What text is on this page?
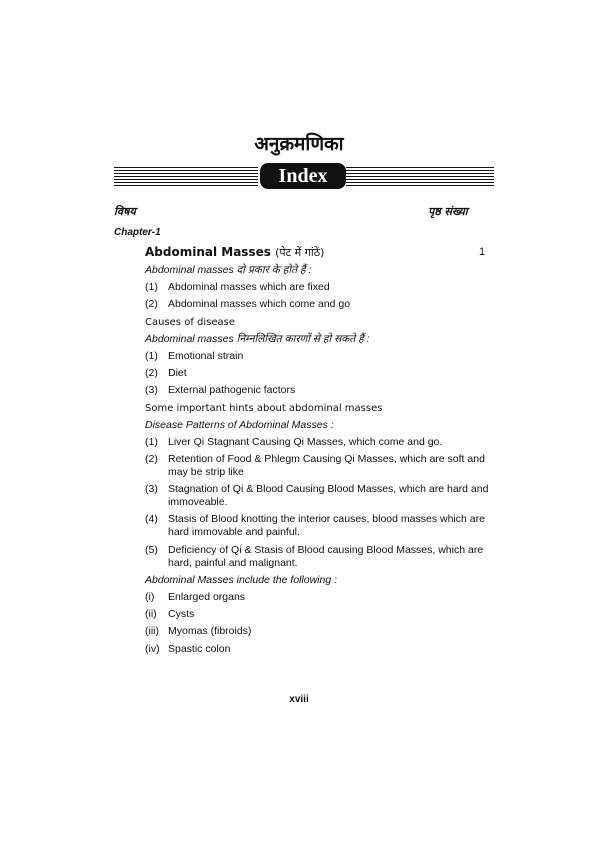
अनुक्रमणिका
Index
विषय	पृष्ठ संख्या
Chapter-1
Abdominal Masses (पेट में गांठें)	1
Abdominal masses दो प्रकार के होते हैं :
(1) Abdominal masses which are fixed
(2) Abdominal masses which come and go
Causes of disease
Abdominal masses निम्नलिखित कारणों से हो सकते हैं :
(1) Emotional strain
(2) Diet
(3) External pathogenic factors
Some important hints about abdominal masses
Disease Patterns of Abdominal Masses :
(1) Liver Qi Stagnant Causing Qi Masses, which come and go.
(2) Retention of Food & Phlegm Causing Qi Masses, which are soft and may be strip like
(3) Stagnation of Qi & Blood Causing Blood Masses, which are hard and immoveable.
(4) Stasis of Blood knotting the interior causes, blood masses which are hard immovable and painful.
(5) Deficiency of Qi & Stasis of Blood causing Blood Masses, which are hard, painful and malignant.
Abdominal Masses include the following :
(i)	Enlarged organs
(ii)	Cysts
(iii) Myomas (fibroids)
(iv) Spastic colon
xviii
